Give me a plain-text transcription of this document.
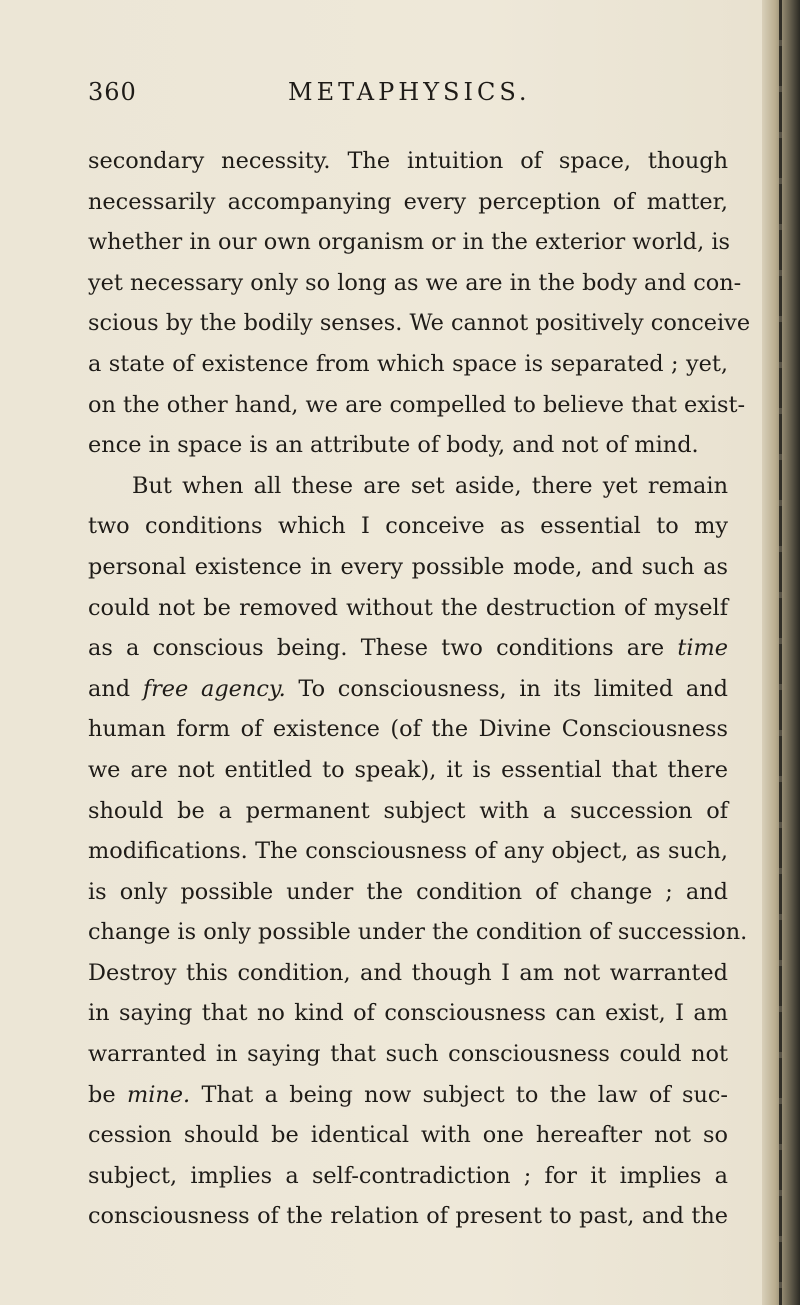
360	METAPHYSICS.
secondary necessity. The intuition of space, though
necessarily accompanying every perception of matter,
whether in our own organism or in the exterior world, is
yet necessary only so long as we are in the body and con-
scious by the bodily senses. We cannot positively conceive
a state of existence from which space is separated ; yet,
on the other hand, we are compelled to believe that exist-
ence in space is an attribute of body, and not of mind.
But when all these are set aside, there yet remain
two conditions which I conceive as essential to my
personal existence in every possible mode, and such as
could not be removed without the destruction of myself
as a conscious being. These two conditions are time
and free agency. To consciousness, in its limited and
human form of existence (of the Divine Consciousness
we are not entitled to speak), it is essential that there
should be a permanent subject with a succession of
modifications. The consciousness of any object, as such,
is only possible under the condition of change ; and
change is only possible under the condition of succession.
Destroy this condition, and though I am not warranted
in saying that no kind of consciousness can exist, I am
warranted in saying that such consciousness could not
be mine. That a being now subject to the law of suc-
cession should be identical with one hereafter not so
subject, implies a self-contradiction ; for it implies a
consciousness of the relation of present to past, and the
